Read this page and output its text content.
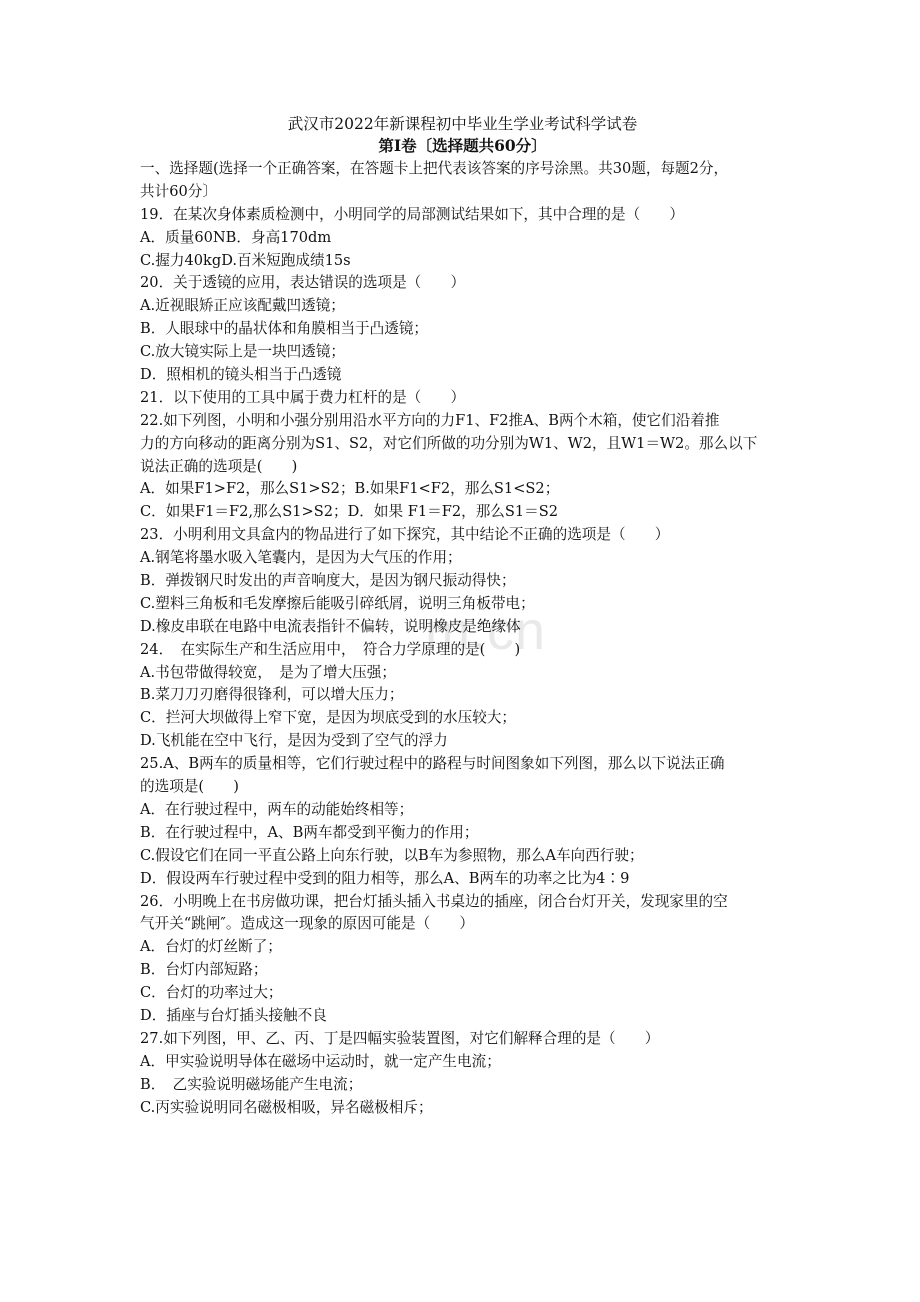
m.cn
武汉市2022年新课程初中毕业生学业考试科学试卷
第Ⅰ卷〔选择题共60分〕
一、选择题(选择一个正确答案，在答题卡上把代表该答案的序号涂黑。共30题，每题2分，
共计60分〕
19．在某次身体素质检测中，小明同学的局部测试结果如下，其中合理的是（　　）
A．质量60NB．身高170dm
C.握力40kgD.百米短跑成绩15s
20．关于透镜的应用，表达错误的选项是（　　）
A.近视眼矫正应该配戴凹透镜；
B．人眼球中的晶状体和角膜相当于凸透镜；
C.放大镜实际上是一块凹透镜；
D．照相机的镜头相当于凸透镜
21．以下使用的工具中属于费力杠杆的是（　　）
22.如下列图，小明和小强分别用沿水平方向的力F1、F2推A、B两个木箱，使它们沿着推
力的方向移动的距离分别为S1、S2，对它们所做的功分别为W1、W2，且W1＝W2。那么以下
说法正确的选项是(　　)
A．如果F1>F2，那么S1>S2；B.如果F1<F2，那么S1<S2；
C．如果F1＝F2,那么S1>S2；D．如果 F1＝F2，那么S1＝S2
23．小明利用文具盒内的物品进行了如下探究，其中结论不正确的选项是（　　）
A.钢笔将墨水吸入笔囊内，是因为大气压的作用；
B．弹拨钢尺时发出的声音响度大，是因为钢尺振动得快；
C.塑料三角板和毛发摩擦后能吸引碎纸屑，说明三角板带电；
D.橡皮串联在电路中电流表指针不偏转，说明橡皮是绝缘体
24．　在实际生产和生活应用中，　符合力学原理的是(　　)
A.书包带做得较宽，　是为了增大压强；
B.菜刀刀刃磨得很锋利，可以增大压力；
C．拦河大坝做得上窄下宽，是因为坝底受到的水压较大；
D.飞机能在空中飞行，是因为受到了空气的浮力
25.A、B两车的质量相等，它们行驶过程中的路程与时间图象如下列图，那么以下说法正确
的选项是(　　)
A．在行驶过程中，两车的动能始终相等；
B．在行驶过程中，A、B两车都受到平衡力的作用；
C.假设它们在同一平直公路上向东行驶，以B车为参照物，那么A车向西行驶；
D．假设两车行驶过程中受到的阻力相等，那么A、B两车的功率之比为4∶9
26．小明晚上在书房做功课，把台灯插头插入书桌边的插座，闭合台灯开关，发现家里的空
气开关“跳闸″。造成这一现象的原因可能是（　　）
A．台灯的灯丝断了；
B．台灯内部短路；
C．台灯的功率过大；
D．插座与台灯插头接触不良
27.如下列图，甲、乙、丙、丁是四幅实验装置图，对它们解释合理的是（　　）
A．甲实验说明导体在磁场中运动时，就一定产生电流；
B．　乙实验说明磁场能产生电流；
C.丙实验说明同名磁极相吸，异名磁极相斥；
